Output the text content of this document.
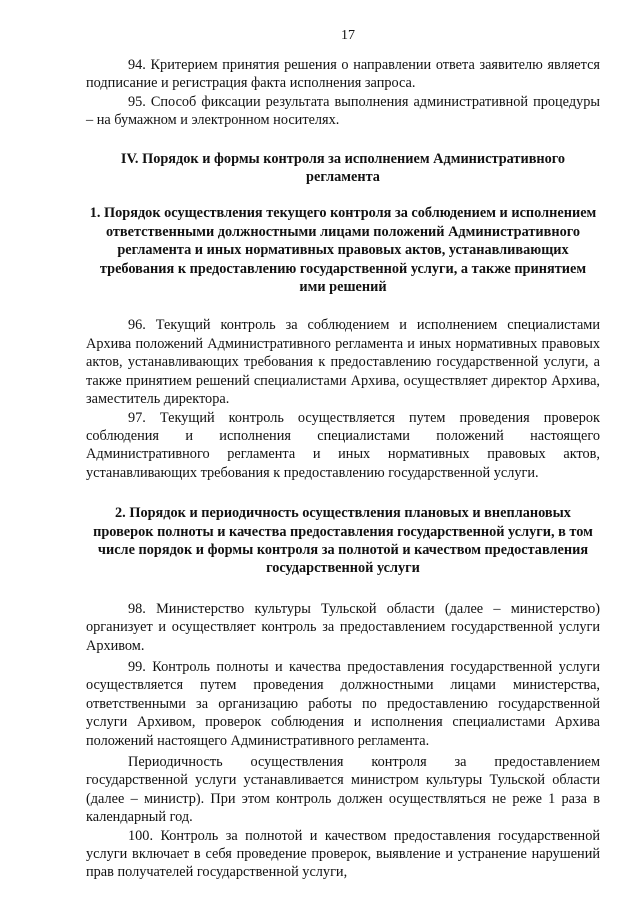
17

94. Критерием принятия решения о направлении ответа заявителю является подписание и регистрация факта исполнения запроса.

95. Способ фиксации результата выполнения административной процедуры – на бумажном и электронном носителях.

IV. Порядок и формы контроля за исполнением Административного регламента
1. Порядок осуществления текущего контроля за соблюдением и исполнением ответственными должностными лицами положений Административного регламента и иных нормативных правовых актов, устанавливающих требования к предоставлению государственной услуги, а также принятием ими решений

96. Текущий контроль за соблюдением и исполнением специалистами Архива положений Административного регламента и иных нормативных правовых актов, устанавливающих требования к предоставлению государственной услуги, а также принятием решений специалистами Архива, осуществляет директор Архива, заместитель директора.

97. Текущий контроль осуществляется путем проведения проверок соблюдения и исполнения специалистами положений настоящего Административного регламента и иных нормативных правовых актов, устанавливающих требования к предоставлению государственной услуги.

2. Порядок и периодичность осуществления плановых и внеплановых проверок полноты и качества предоставления государственной услуги, в том числе порядок и формы контроля за полнотой и качеством предоставления государственной услуги

98. Министерство культуры Тульской области (далее – министерство) организует и осуществляет контроль за предоставлением государственной услуги Архивом.

99. Контроль полноты и качества предоставления государственной услуги осуществляется путем проведения должностными лицами министерства, ответственными за организацию работы по предоставлению государственной услуги Архивом, проверок соблюдения и исполнения специалистами Архива положений настоящего Административного регламента.

Периодичность осуществления контроля за предоставлением государственной услуги устанавливается министром культуры Тульской области (далее – министр). При этом контроль должен осуществляться не реже 1 раза в календарный год.

100. Контроль за полнотой и качеством предоставления государственной услуги включает в себя проведение проверок, выявление и устранение нарушений прав получателей государственной услуги,
